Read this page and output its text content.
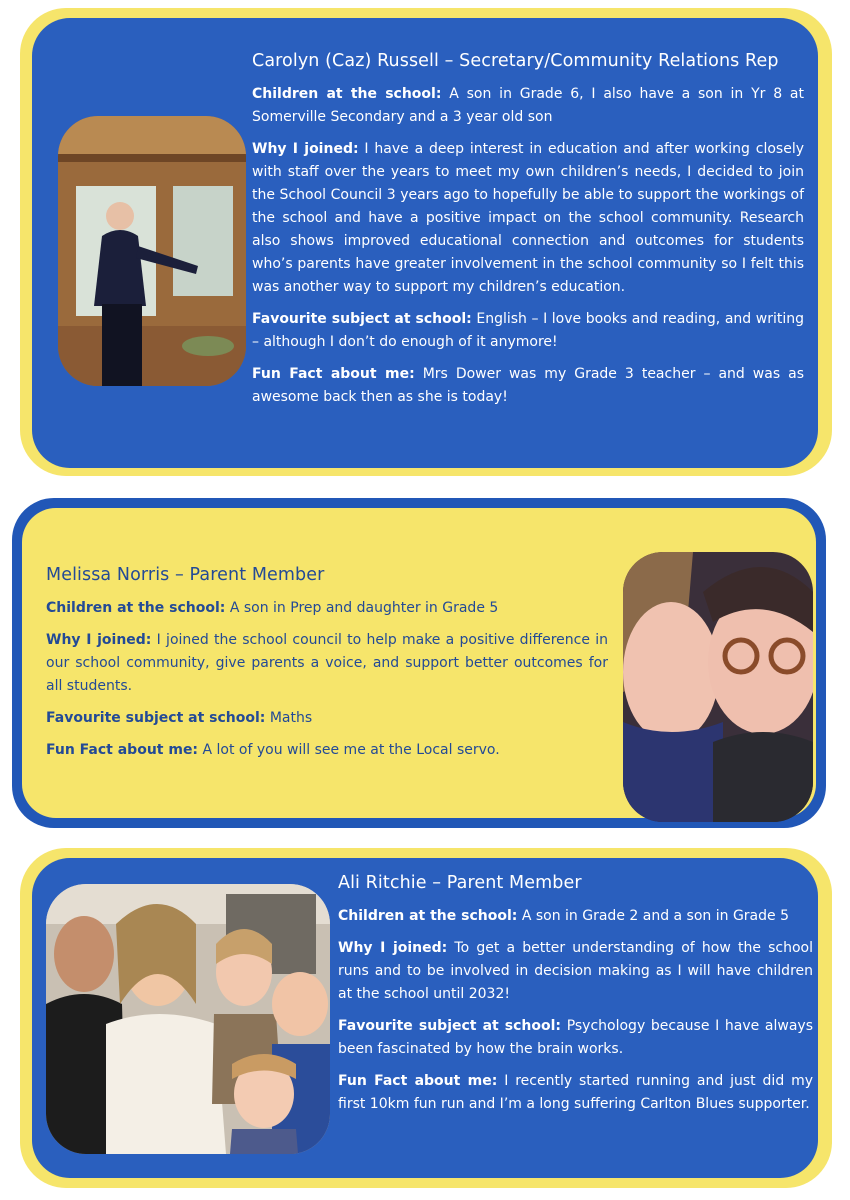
Carolyn (Caz) Russell – Secretary/Community Relations Rep

Children at the school: A son in Grade 6, I also have a son in Yr 8 at Somerville Secondary and a 3 year old son

Why I joined: I have a deep interest in education and after working closely with staff over the years to meet my own children’s needs, I decided to join the School Council 3 years ago to hopefully be able to support the workings of the school and have a positive impact on the school community. Research also shows improved educational connection and outcomes for students who’s parents have greater involvement in the school community so I felt this was another way to support my children’s education.

Favourite subject at school: English – I love books and reading, and writing – although I don’t do enough of it anymore!

Fun Fact about me: Mrs Dower was my Grade 3 teacher – and was as awesome back then as she is today!

Melissa Norris – Parent Member

Children at the school: A son in Prep and daughter in Grade 5

Why I joined: I joined the school council to help make a positive difference in our school community, give parents a voice, and support better outcomes for all students.

Favourite subject at school: Maths

Fun Fact about me: A lot of you will see me at the Local servo.

Ali Ritchie – Parent Member

Children at the school: A son in Grade 2 and a son in Grade 5

Why I joined: To get a better understanding of how the school runs and to be involved in decision making as I will have children at the school until 2032!

Favourite subject at school: Psychology because I have always been fascinated by how the brain works.

Fun Fact about me: I recently started running and just did my first 10km fun run and I’m a long suffering Carlton Blues supporter.
